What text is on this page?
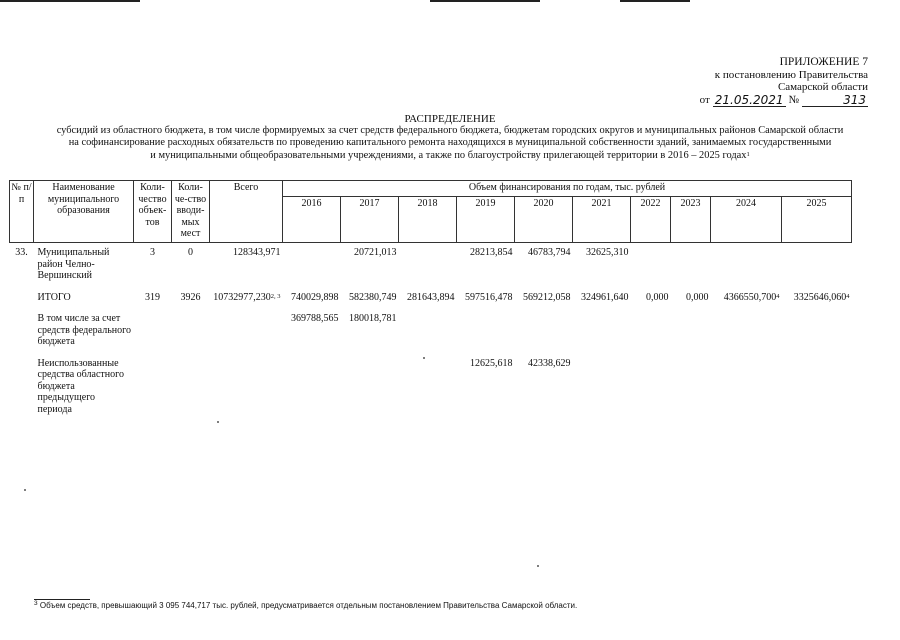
ПРИЛОЖЕНИЕ 7
к постановлению Правительства
Самарской области
от 21.05.2021 №	313
РАСПРЕДЕЛЕНИЕ
субсидий из областного бюджета, в том числе формируемых за счет средств федерального бюджета, бюджетам городских округов и муниципальных районов Самарской области
на софинансирование расходных обязательств по проведению капитального ремонта находящихся в муниципальной собственности зданий, занимаемых государственными
и муниципальными общеобразовательными учреждениями, а также по благоустройству прилегающей территории в 2016 – 2025 годах$^1$
№ п/п	Наименование муниципального образования	Коли-чество объек-тов	Коли-че-ство вводи-мых мест	Всего	Объем финансирования по годам, тыс. рублей									
					2016	2017	2018	2019	2020	2021	2022	2023	2024	2025
33.	Муниципальный район Челно-Вершинский	3	0	128343,971		20721,013		28213,854	46783,794	32625,310				
	ИТОГО	319	3926	10732977,230$^{2, 3}$	740029,898	582380,749	281643,894	597516,478	569212,058	324961,640	0,000	0,000	4366550,700$^4$	3325646,060$^4$
	В том числе за счет средств федерального бюджета				369788,565	180018,781								
	Неиспользованные средства областного бюджета предыдущего периода							12625,618	42338,629					
$^3$ Объем средств, превышающий 3 095 744,717 тыс. рублей, предусматривается отдельным постановлением Правительства Самарской области.
